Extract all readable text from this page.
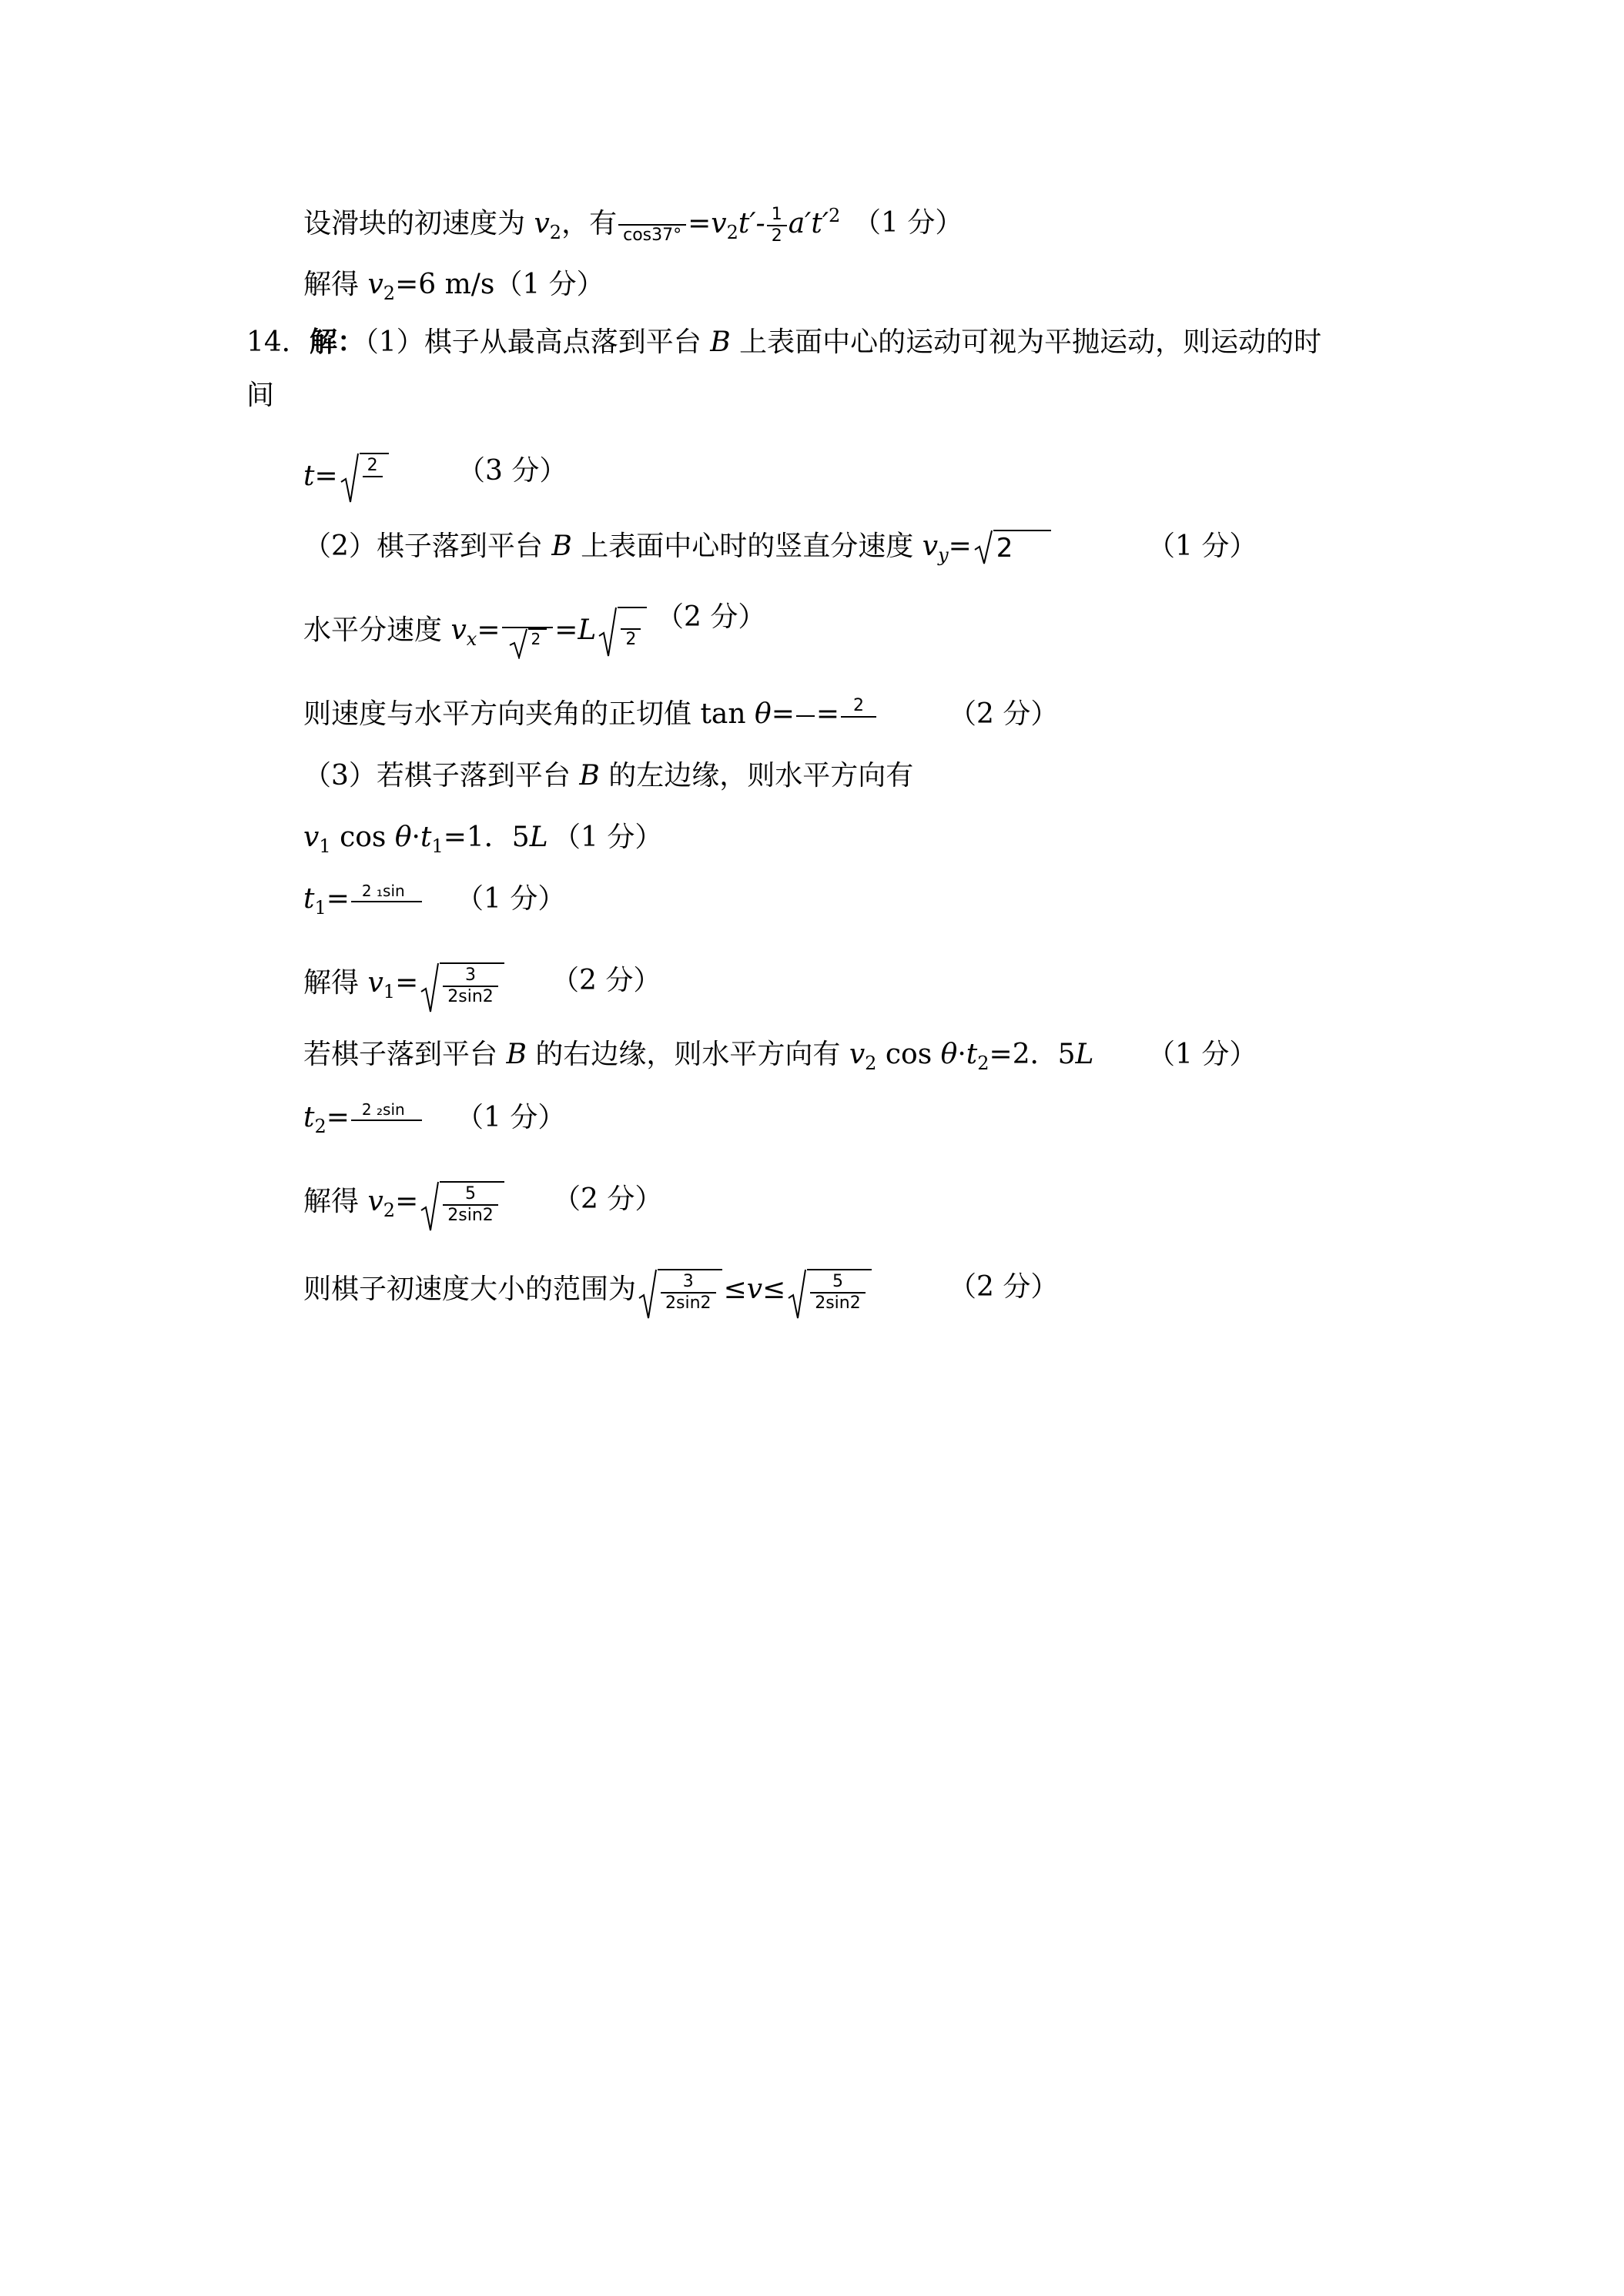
设滑块的初速度为 $v_2$，有 $\cos 37^\circ =v_2t'- \frac{1}{2} a't'^2$ （1 分）
解得 $v_2=6$ m/s（1 分）
14．解：（1）棋子从最高点落到平台 B 上表面中心的运动可视为平抛运动，则运动的时
间
t= 2	（3 分）
（2）棋子落到平台 B 上表面中心时的竖直分速度 $v_y= 2$	（1 分）
水平分速度 $v_x=$	2 =L 2
（2 分）
则速度与水平方向夹角的正切值 tan θ= = 2	（2 分）
（3）若棋子落到平台 B 的左边缘，则水平方向有
$v_1$ $\cos \theta\cdot t_1=1$．5L （1 分）
$t_1= 2$ ₁sin	（1 分）
解得 $v_1= \frac{3}{2\sin 2} (2$ 分）
若棋子落到平台 B 的右边缘，则水平方向有 $v_2$ $\cos \theta\cdot t_2=2$．5L （1 分）
$t_2= 2$ ₂sin	（1 分）
解得 $v_2= \frac{5}{2\sin 2} (2$ 分）
则棋子初速度大小的范围为 $\frac{3}{2\sin 2} \le v\le \frac{5}{2\sin 2}$	（2 分）
